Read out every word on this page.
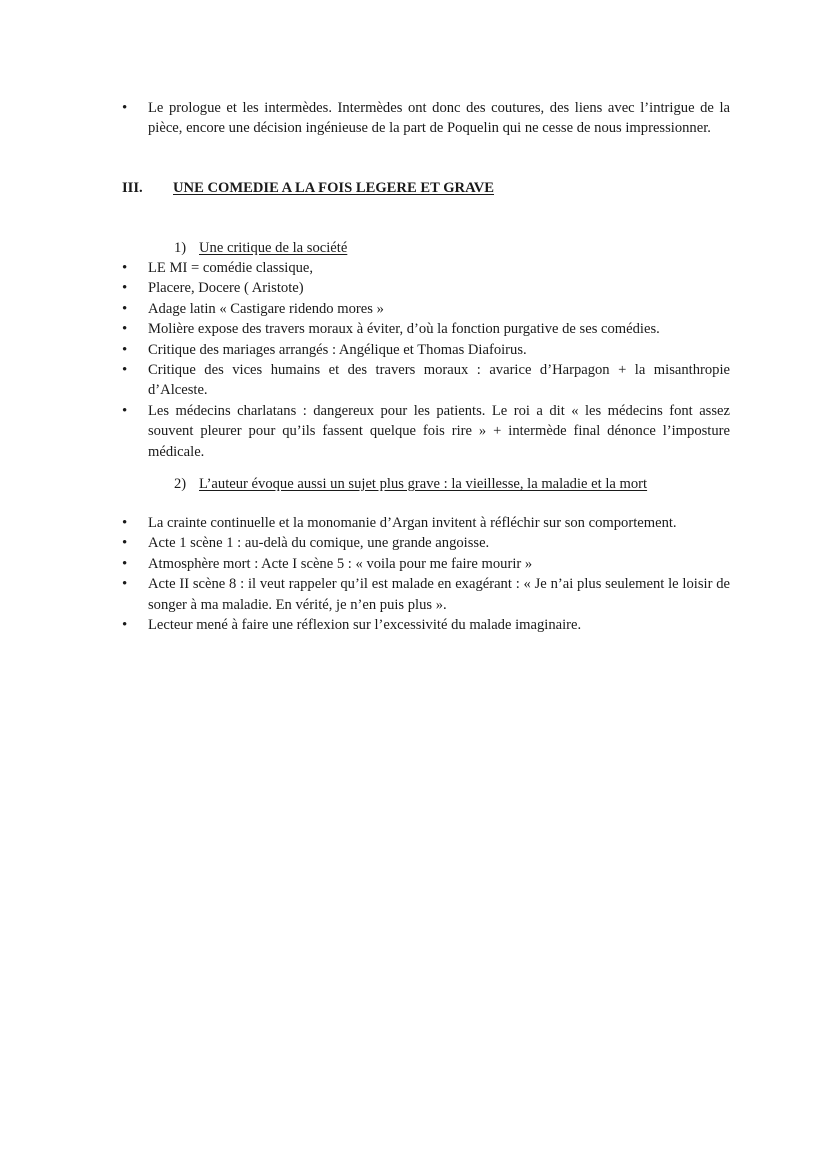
• Le prologue et les intermèdes. Intermèdes ont donc des coutures, des liens avec l’intrigue de la pièce, encore une décision ingénieuse de la part de Poquelin qui ne cesse de nous impressionner.
III. UNE COMEDIE A LA FOIS LEGERE ET GRAVE
1) Une critique de la société
• LE MI = comédie classique,
• Placere, Docere ( Aristote)
• Adage latin « Castigare ridendo mores »
• Molière expose des travers moraux à éviter, d’où la fonction purgative de ses comédies.
• Critique des mariages arrangés : Angélique et Thomas Diafoirus.
• Critique des vices humains et des travers moraux : avarice d’Harpagon + la misanthropie d’Alceste.
• Les médecins charlatans : dangereux pour les patients. Le roi a dit « les médecins font assez souvent pleurer pour qu’ils fassent quelque fois rire » + intermède final dénonce l’imposture médicale.
2) L’auteur évoque aussi un sujet plus grave : la vieillesse, la maladie et la mort
• La crainte continuelle et la monomanie d’Argan invitent à réfléchir sur son comportement.
• Acte 1 scène 1 : au-delà du comique, une grande angoisse.
• Atmosphère mort : Acte I scène 5 : « voila pour me faire mourir »
• Acte II scène 8 : il veut rappeler qu’il est malade en exagérant : « Je n’ai plus seulement le loisir de songer à ma maladie. En vérité, je n’en puis plus ».
• Lecteur mené à faire une réflexion sur l’excessivité du malade imaginaire.
